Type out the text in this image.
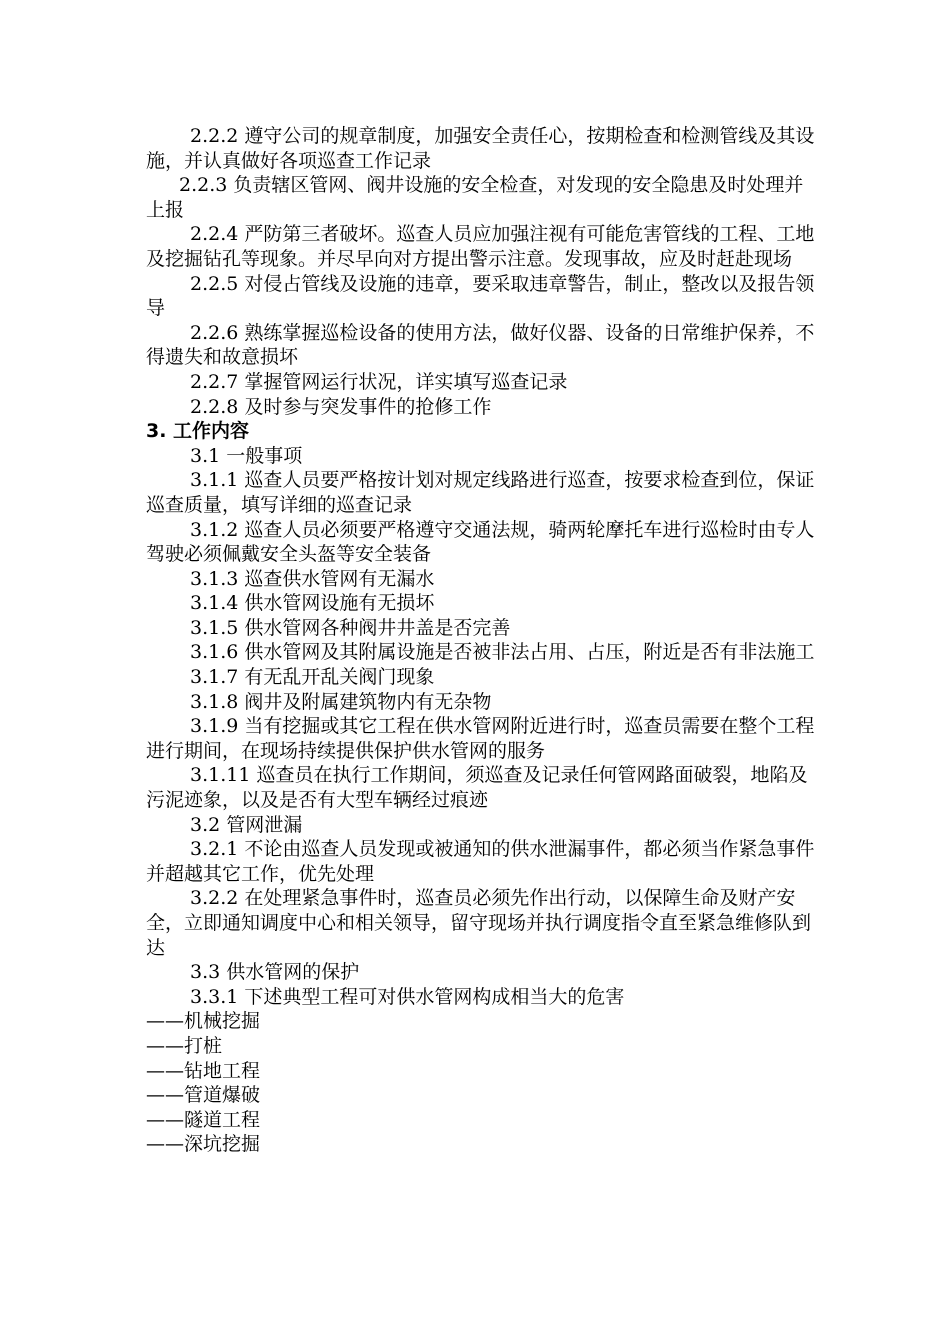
2.2.2 遵守公司的规章制度，加强安全责任心，按期检查和检测管线及其设施，并认真做好各项巡查工作记录

2.2.3 负责辖区管网、阀井设施的安全检查，对发现的安全隐患及时处理并上报

2.2.4 严防第三者破坏。巡查人员应加强注视有可能危害管线的工程、工地及挖掘钻孔等现象。并尽早向对方提出警示注意。发现事故，应及时赶赴现场

2.2.5 对侵占管线及设施的违章，要采取违章警告，制止，整改以及报告领导

2.2.6 熟练掌握巡检设备的使用方法，做好仪器、设备的日常维护保养，不得遗失和故意损坏

2.2.7 掌握管网运行状况，详实填写巡查记录

2.2.8 及时参与突发事件的抢修工作

3. 工作内容

3.1 一般事项

3.1.1 巡查人员要严格按计划对规定线路进行巡查，按要求检查到位，保证巡查质量，填写详细的巡查记录

3.1.2 巡查人员必须要严格遵守交通法规，骑两轮摩托车进行巡检时由专人驾驶必须佩戴安全头盔等安全装备

3.1.3 巡查供水管网有无漏水

3.1.4 供水管网设施有无损坏

3.1.5 供水管网各种阀井井盖是否完善

3.1.6 供水管网及其附属设施是否被非法占用、占压，附近是否有非法施工

3.1.7 有无乱开乱关阀门现象

3.1.8 阀井及附属建筑物内有无杂物

3.1.9 当有挖掘或其它工程在供水管网附近进行时，巡查员需要在整个工程进行期间，在现场持续提供保护供水管网的服务

3.1.11 巡查员在执行工作期间，须巡查及记录任何管网路面破裂，地陷及污泥迹象，以及是否有大型车辆经过痕迹

3.2 管网泄漏

3.2.1 不论由巡查人员发现或被通知的供水泄漏事件，都必须当作紧急事件并超越其它工作，优先处理

3.2.2 在处理紧急事件时，巡查员必须先作出行动，以保障生命及财产安全，立即通知调度中心和相关领导，留守现场并执行调度指令直至紧急维修队到达

3.3 供水管网的保护

3.3.1 下述典型工程可对供水管网构成相当大的危害

——机械挖掘

——打桩

——钻地工程

——管道爆破

——隧道工程

——深坑挖掘
